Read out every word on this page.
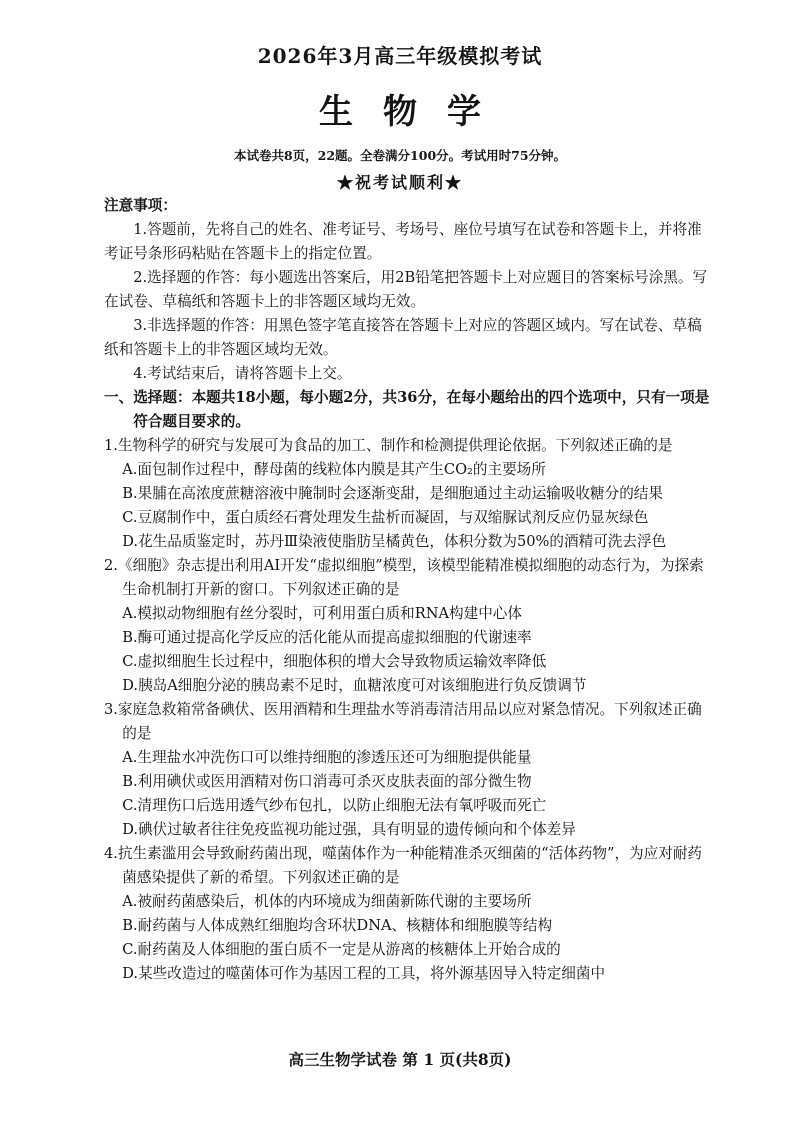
2026年3月高三年级模拟考试
生物学
本试卷共8页，22题。全卷满分100分。考试用时75分钟。
★祝考试顺利★

注意事项：

1.答题前，先将自己的姓名、准考证号、考场号、座位号填写在试卷和答题卡上，并将准考证号条形码粘贴在答题卡上的指定位置。

2.选择题的作答：每小题选出答案后，用2B铅笔把答题卡上对应题目的答案标号涂黑。写在试卷、草稿纸和答题卡上的非答题区域均无效。

3.非选择题的作答：用黑色签字笔直接答在答题卡上对应的答题区域内。写在试卷、草稿纸和答题卡上的非答题区域均无效。

4.考试结束后，请将答题卡上交。

一、选择题：本题共18小题，每小题2分，共36分，在每小题给出的四个选项中，只有一项是符合题目要求的。

1.生物科学的研究与发展可为食品的加工、制作和检测提供理论依据。下列叙述正确的是

A.面包制作过程中，酵母菌的线粒体内膜是其产生CO₂的主要场所

B.果脯在高浓度蔗糖溶液中腌制时会逐渐变甜，是细胞通过主动运输吸收糖分的结果

C.豆腐制作中，蛋白质经石膏处理发生盐析而凝固，与双缩脲试剂反应仍显灰绿色

D.花生品质鉴定时，苏丹Ⅲ染液使脂肪呈橘黄色，体积分数为50%的酒精可洗去浮色

2.《细胞》杂志提出利用AI开发“虚拟细胞”模型，该模型能精准模拟细胞的动态行为，为探索生命机制打开新的窗口。下列叙述正确的是

A.模拟动物细胞有丝分裂时，可利用蛋白质和RNA构建中心体

B.酶可通过提高化学反应的活化能从而提高虚拟细胞的代谢速率

C.虚拟细胞生长过程中，细胞体积的增大会导致物质运输效率降低

D.胰岛A细胞分泌的胰岛素不足时，血糖浓度可对该细胞进行负反馈调节

3.家庭急救箱常备碘伏、医用酒精和生理盐水等消毒清洁用品以应对紧急情况。下列叙述正确的是

A.生理盐水冲洗伤口可以维持细胞的渗透压还可为细胞提供能量

B.利用碘伏或医用酒精对伤口消毒可杀灭皮肤表面的部分微生物

C.清理伤口后选用透气纱布包扎，以防止细胞无法有氧呼吸而死亡

D.碘伏过敏者往往免疫监视功能过强，具有明显的遗传倾向和个体差异

4.抗生素滥用会导致耐药菌出现，噬菌体作为一种能精准杀灭细菌的“活体药物”，为应对耐药菌感染提供了新的希望。下列叙述正确的是

A.被耐药菌感染后，机体的内环境成为细菌新陈代谢的主要场所

B.耐药菌与人体成熟红细胞均含环状DNA、核糖体和细胞膜等结构

C.耐药菌及人体细胞的蛋白质不一定是从游离的核糖体上开始合成的

D.某些改造过的噬菌体可作为基因工程的工具，将外源基因导入特定细菌中

高三生物学试卷 第 1 页(共8页)
